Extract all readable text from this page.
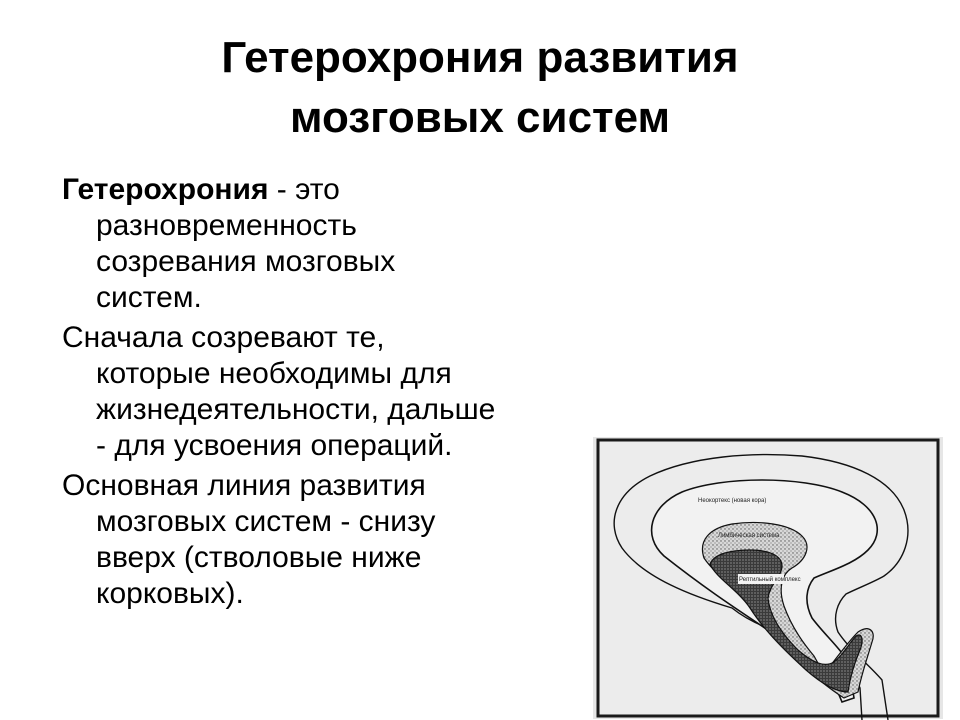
Гетерохрония развития
мозговых систем
Гетерохрония - это
разновременность
созревания мозговых
систем.
Сначала созревают те,
которые необходимы для
жизнедеятельности, дальше
- для усвоения операций.
Основная линия развития
мозговых систем - снизу
вверх (стволовые ниже
корковых).
Неокортекс (новая кора)
Лимбическая система
Рептильный комплекс
